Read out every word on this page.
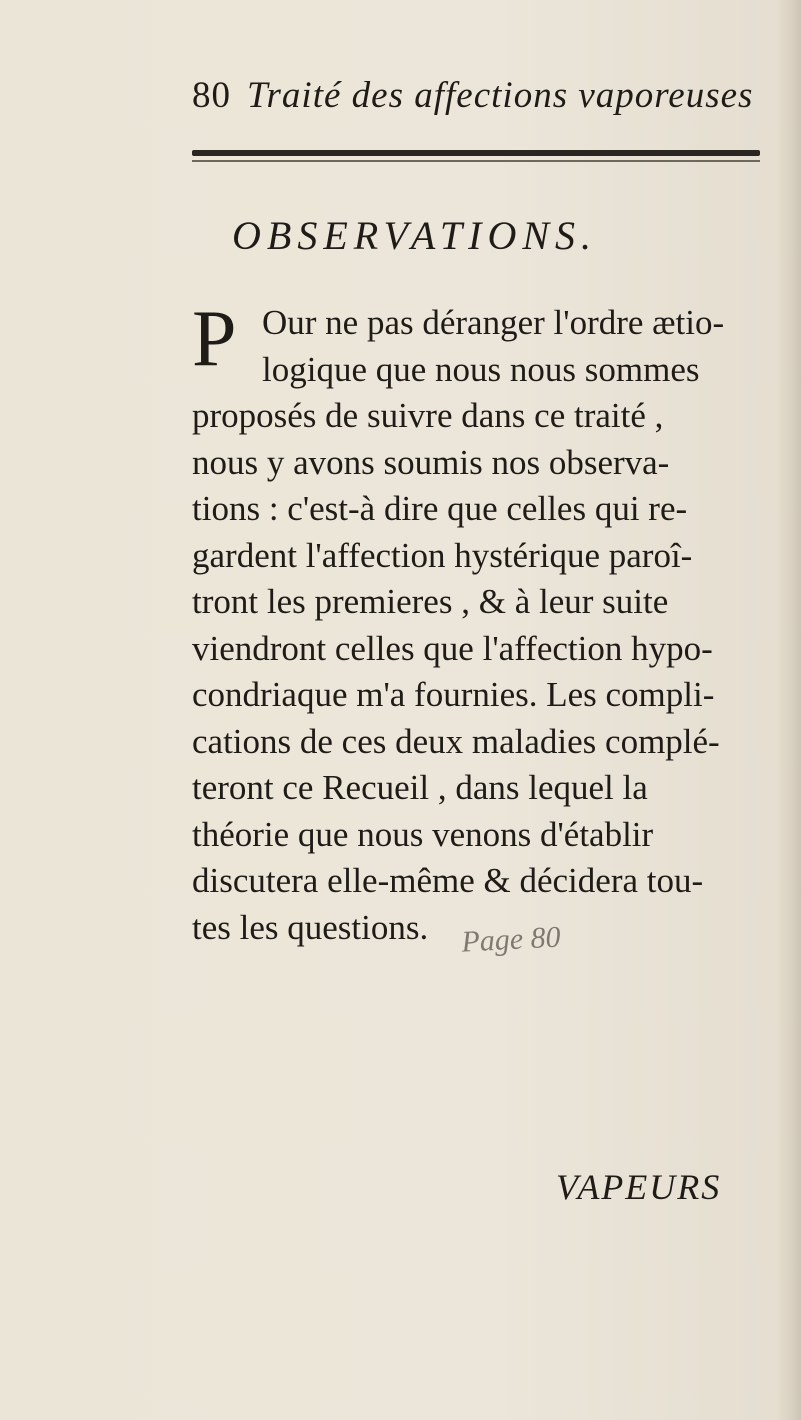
80 Traité des affections vaporeuses
OBSERVATIONS.
P Our ne pas déranger l'ordre ætio-
logique que nous nous sommes
proposés de suivre dans ce traité ,
nous y avons soumis nos observa-
tions : c'est-à dire que celles qui re-
gardent l'affection hystérique paroî-
tront les premieres , & à leur suite
viendront celles que l'affection hypo-
condriaque m'a fournies. Les compli-
cations de ces deux maladies complé-
teront ce Recueil , dans lequel la
théorie que nous venons d'établir
discutera elle-même & décidera tou-
tes les questions.	Page 80
VAPEURS
